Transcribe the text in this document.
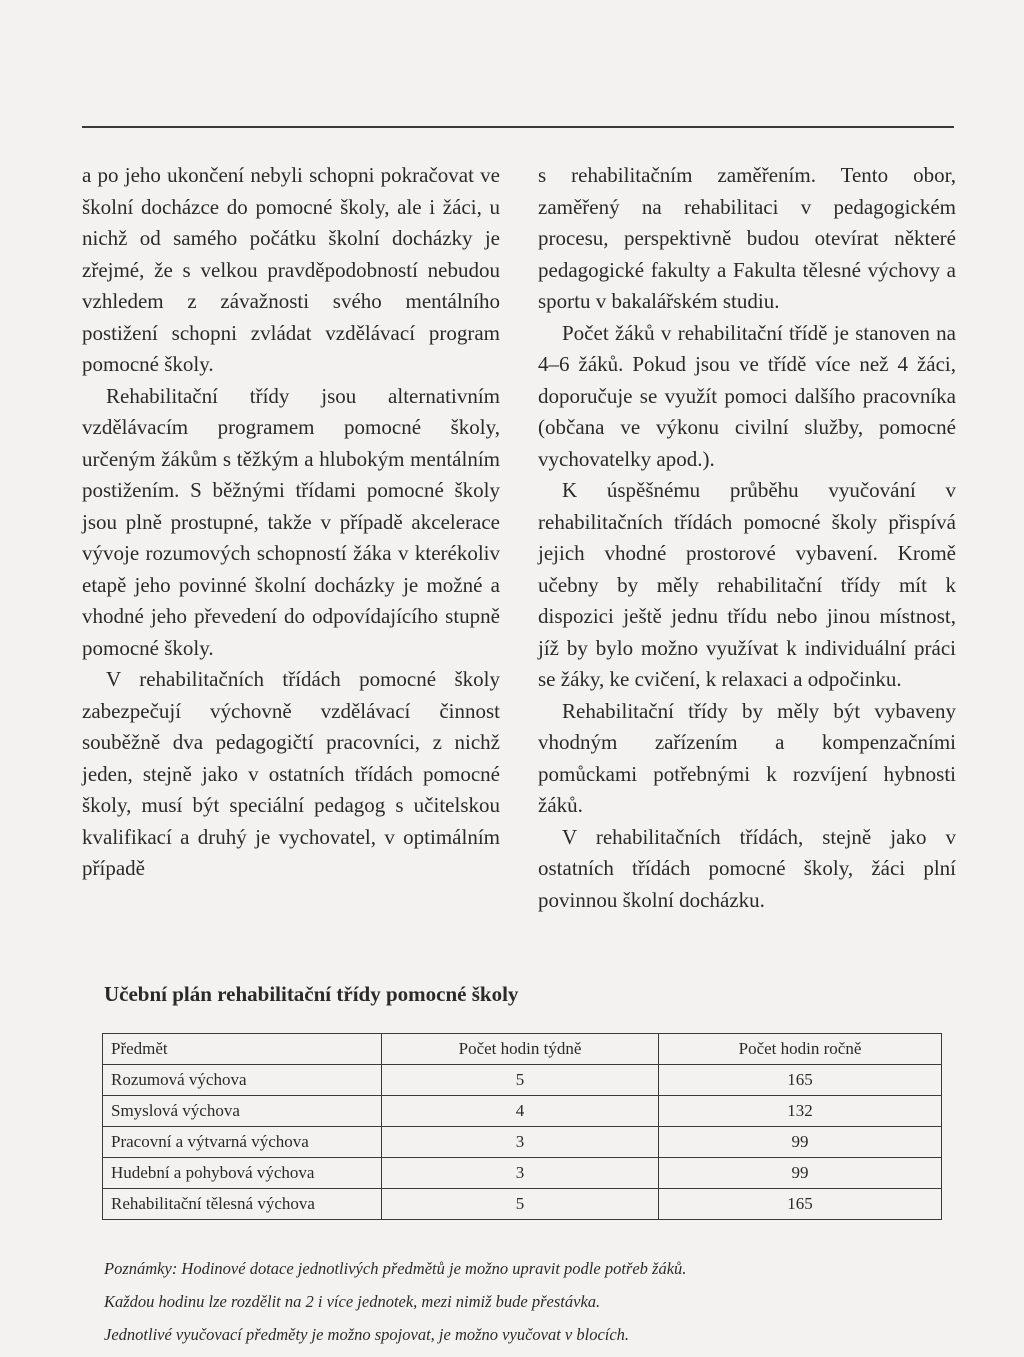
a po jeho ukončení nebyli schopni pokračovat ve školní docházce do pomocné školy, ale i žáci, u nichž od samého počátku školní docházky je zřejmé, že s velkou pravděpodobností nebudou vzhledem z závažnosti svého mentálního postižení schopni zvládat vzdělávací program pomocné školy.

Rehabilitační třídy jsou alternativním vzdělávacím programem pomocné školy, určeným žákům s těžkým a hlubokým mentálním postižením. S běžnými třídami pomocné školy jsou plně prostupné, takže v případě akcelerace vývoje rozumových schopností žáka v kterékoliv etapě jeho povinné školní docházky je možné a vhodné jeho převedení do odpovídajícího stupně pomocné školy.

V rehabilitačních třídách pomocné školy zabezpečují výchovně vzdělávací činnost souběžně dva pedagogičtí pracovníci, z nichž jeden, stejně jako v ostatních třídách pomocné školy, musí být speciální pedagog s učitelskou kvalifikací a druhý je vychovatel, v optimálním případě

s rehabilitačním zaměřením. Tento obor, zaměřený na rehabilitaci v pedagogickém procesu, perspektivně budou otevírat některé pedagogické fakulty a Fakulta tělesné výchovy a sportu v bakalářském studiu.

Počet žáků v rehabilitační třídě je stanoven na 4–6 žáků. Pokud jsou ve třídě více než 4 žáci, doporučuje se využít pomoci dalšího pracovníka (občana ve výkonu civilní služby, pomocné vychovatelky apod.).

K úspěšnému průběhu vyučování v rehabilitačních třídách pomocné školy přispívá jejich vhodné prostorové vybavení. Kromě učebny by měly rehabilitační třídy mít k dispozici ještě jednu třídu nebo jinou místnost, jíž by bylo možno využívat k individuální práci se žáky, ke cvičení, k relaxaci a odpočinku.

Rehabilitační třídy by měly být vybaveny vhodným zařízením a kompenzačními pomůckami potřebnými k rozvíjení hybnosti žáků.

V rehabilitačních třídách, stejně jako v ostatních třídách pomocné školy, žáci plní povinnou školní docházku.

Učební plán rehabilitační třídy pomocné školy
Předmět	Počet hodin týdně	Počet hodin ročně
Rozumová výchova	5	165
Smyslová výchova	4	132
Pracovní a výtvarná výchova	3	99
Hudební a pohybová výchova	3	99
Rehabilitační tělesná výchova	5	165

Poznámky: Hodinové dotace jednotlivých předmětů je možno upravit podle potřeb žáků.

Každou hodinu lze rozdělit na 2 i více jednotek, mezi nimiž bude přestávka.

Jednotlivé vyučovací předměty je možno spojovat, je možno vyučovat v blocích.
